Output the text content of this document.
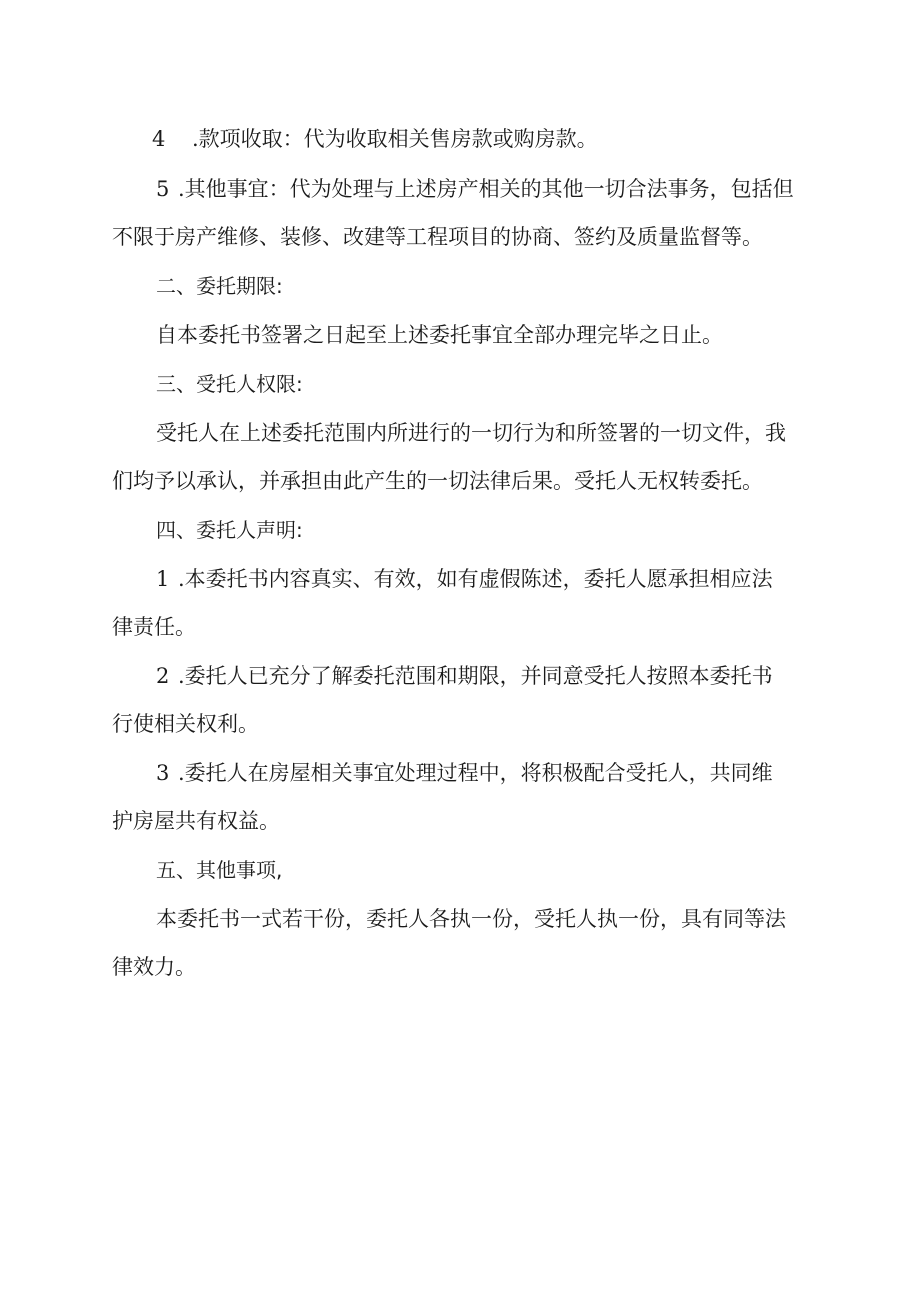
4 .款项收取：代为收取相关售房款或购房款。
5 .其他事宜：代为处理与上述房产相关的其他一切合法事务，包括但
不限于房产维修、装修、改建等工程项目的协商、签约及质量监督等。
二、委托期限:
自本委托书签署之日起至上述委托事宜全部办理完毕之日止。
三、受托人权限:
受托人在上述委托范围内所进行的一切行为和所签署的一切文件，我
们均予以承认，并承担由此产生的一切法律后果。受托人无权转委托。
四、委托人声明:
1 .本委托书内容真实、有效，如有虚假陈述，委托人愿承担相应法
律责任。
2 .委托人已充分了解委托范围和期限，并同意受托人按照本委托书
行使相关权利。
3 .委托人在房屋相关事宜处理过程中，将积极配合受托人，共同维
护房屋共有权益。
五、其他事项,
本委托书一式若干份，委托人各执一份，受托人执一份，具有同等法
律效力。
